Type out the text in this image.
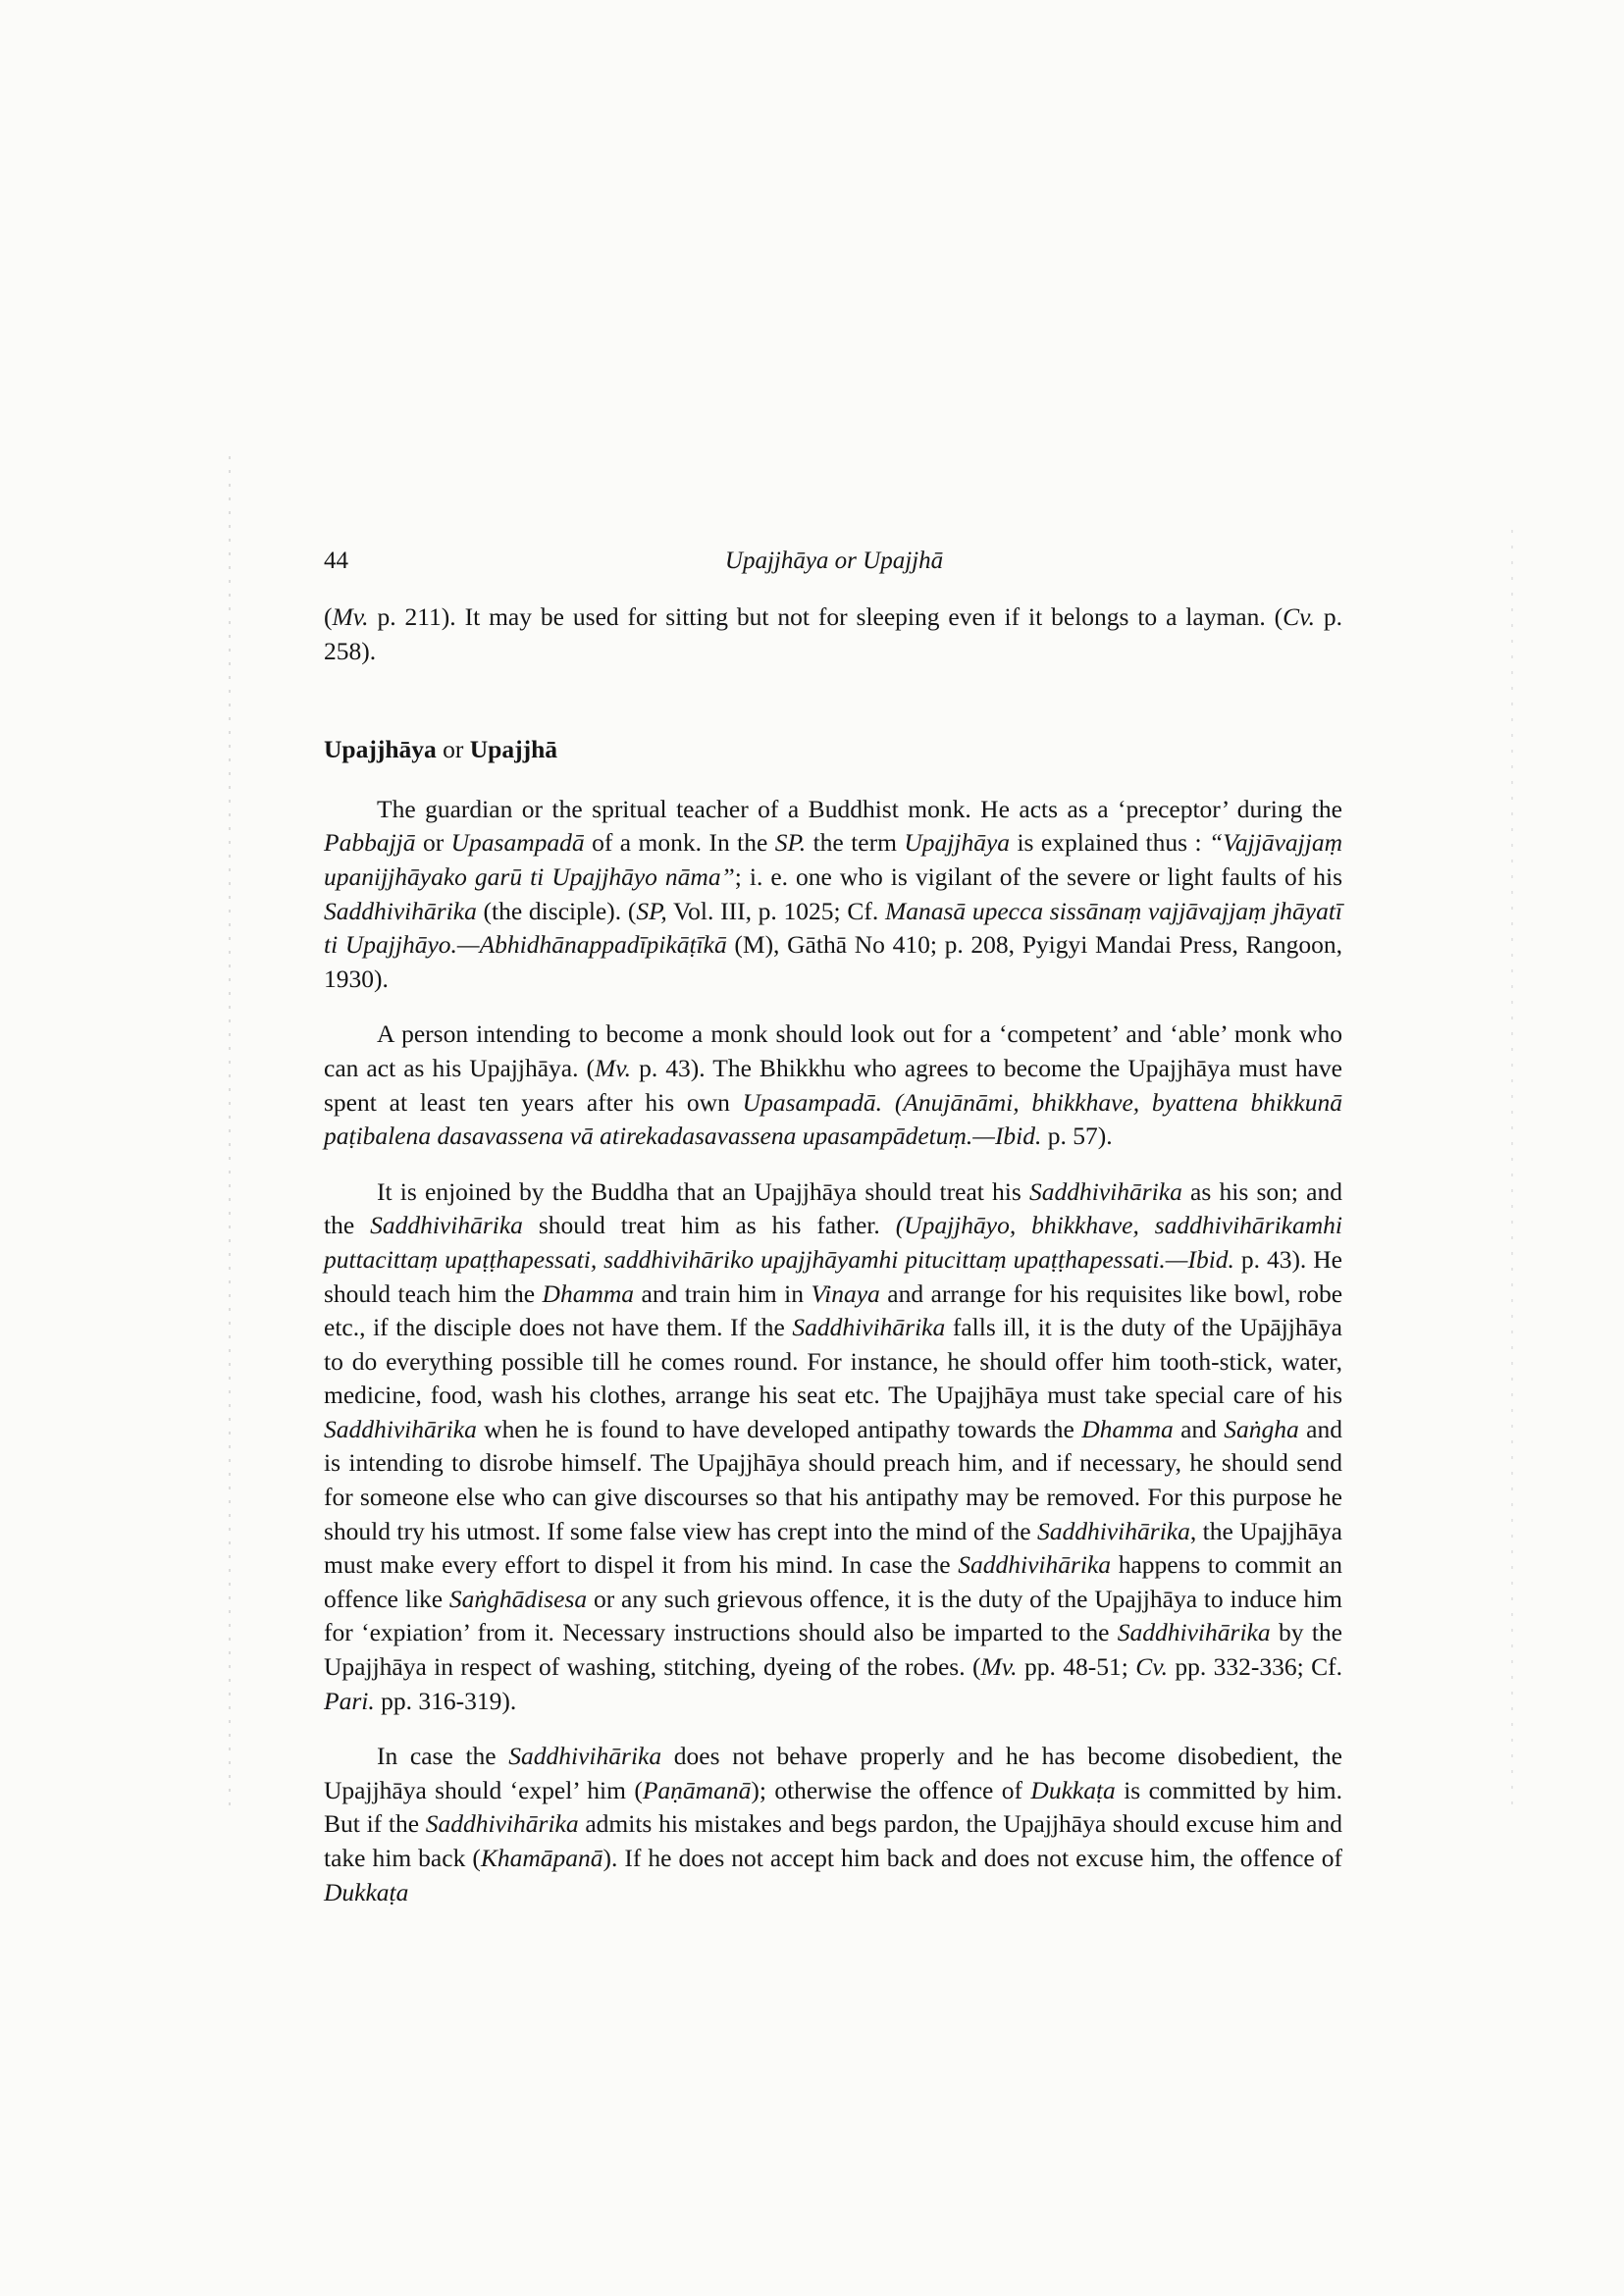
44	Upajjhāya or Upajjhā

(Mv. p. 211). It may be used for sitting but not for sleeping even if it belongs to a layman. (Cv. p. 258).

Upajjhāya or Upajjhā

The guardian or the spritual teacher of a Buddhist monk. He acts as a ‘preceptor’ during the Pabbajjā or Upasampadā of a monk. In the SP. the term Upajjhāya is explained thus : “Vajjāvajjaṃ upanijjhāyako garū ti Upajjhāyo nāma”; i. e. one who is vigilant of the severe or light faults of his Saddhivihārika (the disciple). (SP, Vol. III, p. 1025; Cf. Manasā upecca sissānaṃ vajjāvajjaṃ jhāyatī ti Upajjhāyo.—Abhidhānappadīpikāṭīkā (M), Gāthā No 410; p. 208, Pyigyi Mandai Press, Rangoon, 1930).

A person intending to become a monk should look out for a ‘competent’ and ‘able’ monk who can act as his Upajjhāya. (Mv. p. 43). The Bhikkhu who agrees to become the Upajjhāya must have spent at least ten years after his own Upasampadā. (Anujānāmi, bhikkhave, byattena bhikkunā paṭibalena dasavassena vā atirekadasavassena upasampādetuṃ.—Ibid. p. 57).

It is enjoined by the Buddha that an Upajjhāya should treat his Saddhivihārika as his son; and the Saddhivihārika should treat him as his father. (Upajjhāyo, bhikkhave, saddhivihārikamhi puttacittaṃ upaṭṭhapessati, saddhivihāriko upajjhāyamhi pitucittaṃ upaṭṭhapessati.—Ibid. p. 43). He should teach him the Dhamma and train him in Vinaya and arrange for his requisites like bowl, robe etc., if the disciple does not have them. If the Saddhivihārika falls ill, it is the duty of the Upājjhāya to do everything possible till he comes round. For instance, he should offer him tooth-stick, water, medicine, food, wash his clothes, arrange his seat etc. The Upajjhāya must take special care of his Saddhivihārika when he is found to have developed antipathy towards the Dhamma and Saṅgha and is intending to disrobe himself. The Upajjhāya should preach him, and if necessary, he should send for someone else who can give discourses so that his antipathy may be removed. For this purpose he should try his utmost. If some false view has crept into the mind of the Saddhivihārika, the Upajjhāya must make every effort to dispel it from his mind. In case the Saddhivihārika happens to commit an offence like Saṅghādisesa or any such grievous offence, it is the duty of the Upajjhāya to induce him for ‘expiation’ from it. Necessary instructions should also be imparted to the Saddhivihārika by the Upajjhāya in respect of washing, stitching, dyeing of the robes. (Mv. pp. 48-51; Cv. pp. 332-336; Cf. Pari. pp. 316-319).

In case the Saddhivihārika does not behave properly and he has become disobedient, the Upajjhāya should ‘expel’ him (Paṇāmanā); otherwise the offence of Dukkaṭa is committed by him. But if the Saddhivihārika admits his mistakes and begs pardon, the Upajjhāya should excuse him and take him back (Khamāpanā). If he does not accept him back and does not excuse him, the offence of Dukkaṭa
